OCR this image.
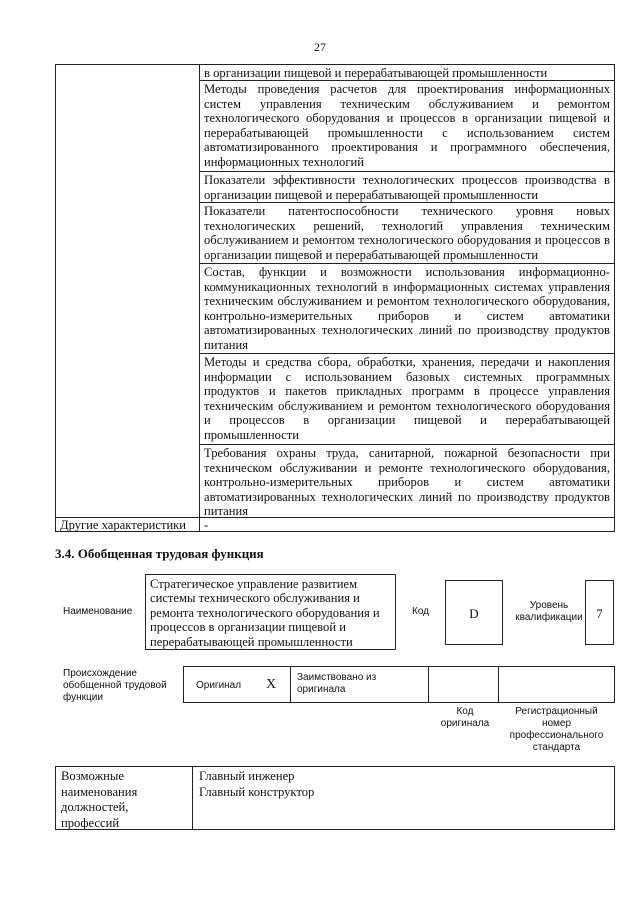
27
в организации пищевой и перерабатывающей промышленности
Методы проведения расчетов для проектирования информационных систем управления техническим обслуживанием и ремонтом технологического оборудования и процессов в организации пищевой и перерабатывающей промышленности с использованием систем автоматизированного проектирования и программного обеспечения, информационных технологий
Показатели эффективности технологических процессов производства в организации пищевой и перерабатывающей промышленности
Показатели патентоспособности технического уровня новых технологических решений, технологий управления техническим обслуживанием и ремонтом технологического оборудования и процессов в организации пищевой и перерабатывающей промышленности
Состав, функции и возможности использования информационно-коммуникационных технологий в информационных системах управления техническим обслуживанием и ремонтом технологического оборудования, контрольно-измерительных приборов и систем автоматики автоматизированных технологических линий по производству продуктов питания
Методы и средства сбора, обработки, хранения, передачи и накопления информации с использованием базовых системных программных продуктов и пакетов прикладных программ в процессе управления техническим обслуживанием и ремонтом технологического оборудования и процессов в организации пищевой и перерабатывающей промышленности
Требования охраны труда, санитарной, пожарной безопасности при техническом обслуживании и ремонте технологического оборудования, контрольно-измерительных приборов и систем автоматики автоматизированных технологических линий по производству продуктов питания
Другие характеристики -
3.4. Обобщенная трудовая функция
Наименование
Стратегическое управление развитием системы технического обслуживания и ремонта технологического оборудования и процессов в организации пищевой и перерабатывающей промышленности
Код	D
Уровень квалификации	7
Происхождение обобщенной трудовой функции
Оригинал X Заимствовано из оригинала
Код оригинала
Регистрационный номер профессионального стандарта
Возможные наименования должностей, профессий
Главный инженер
Главный конструктор
